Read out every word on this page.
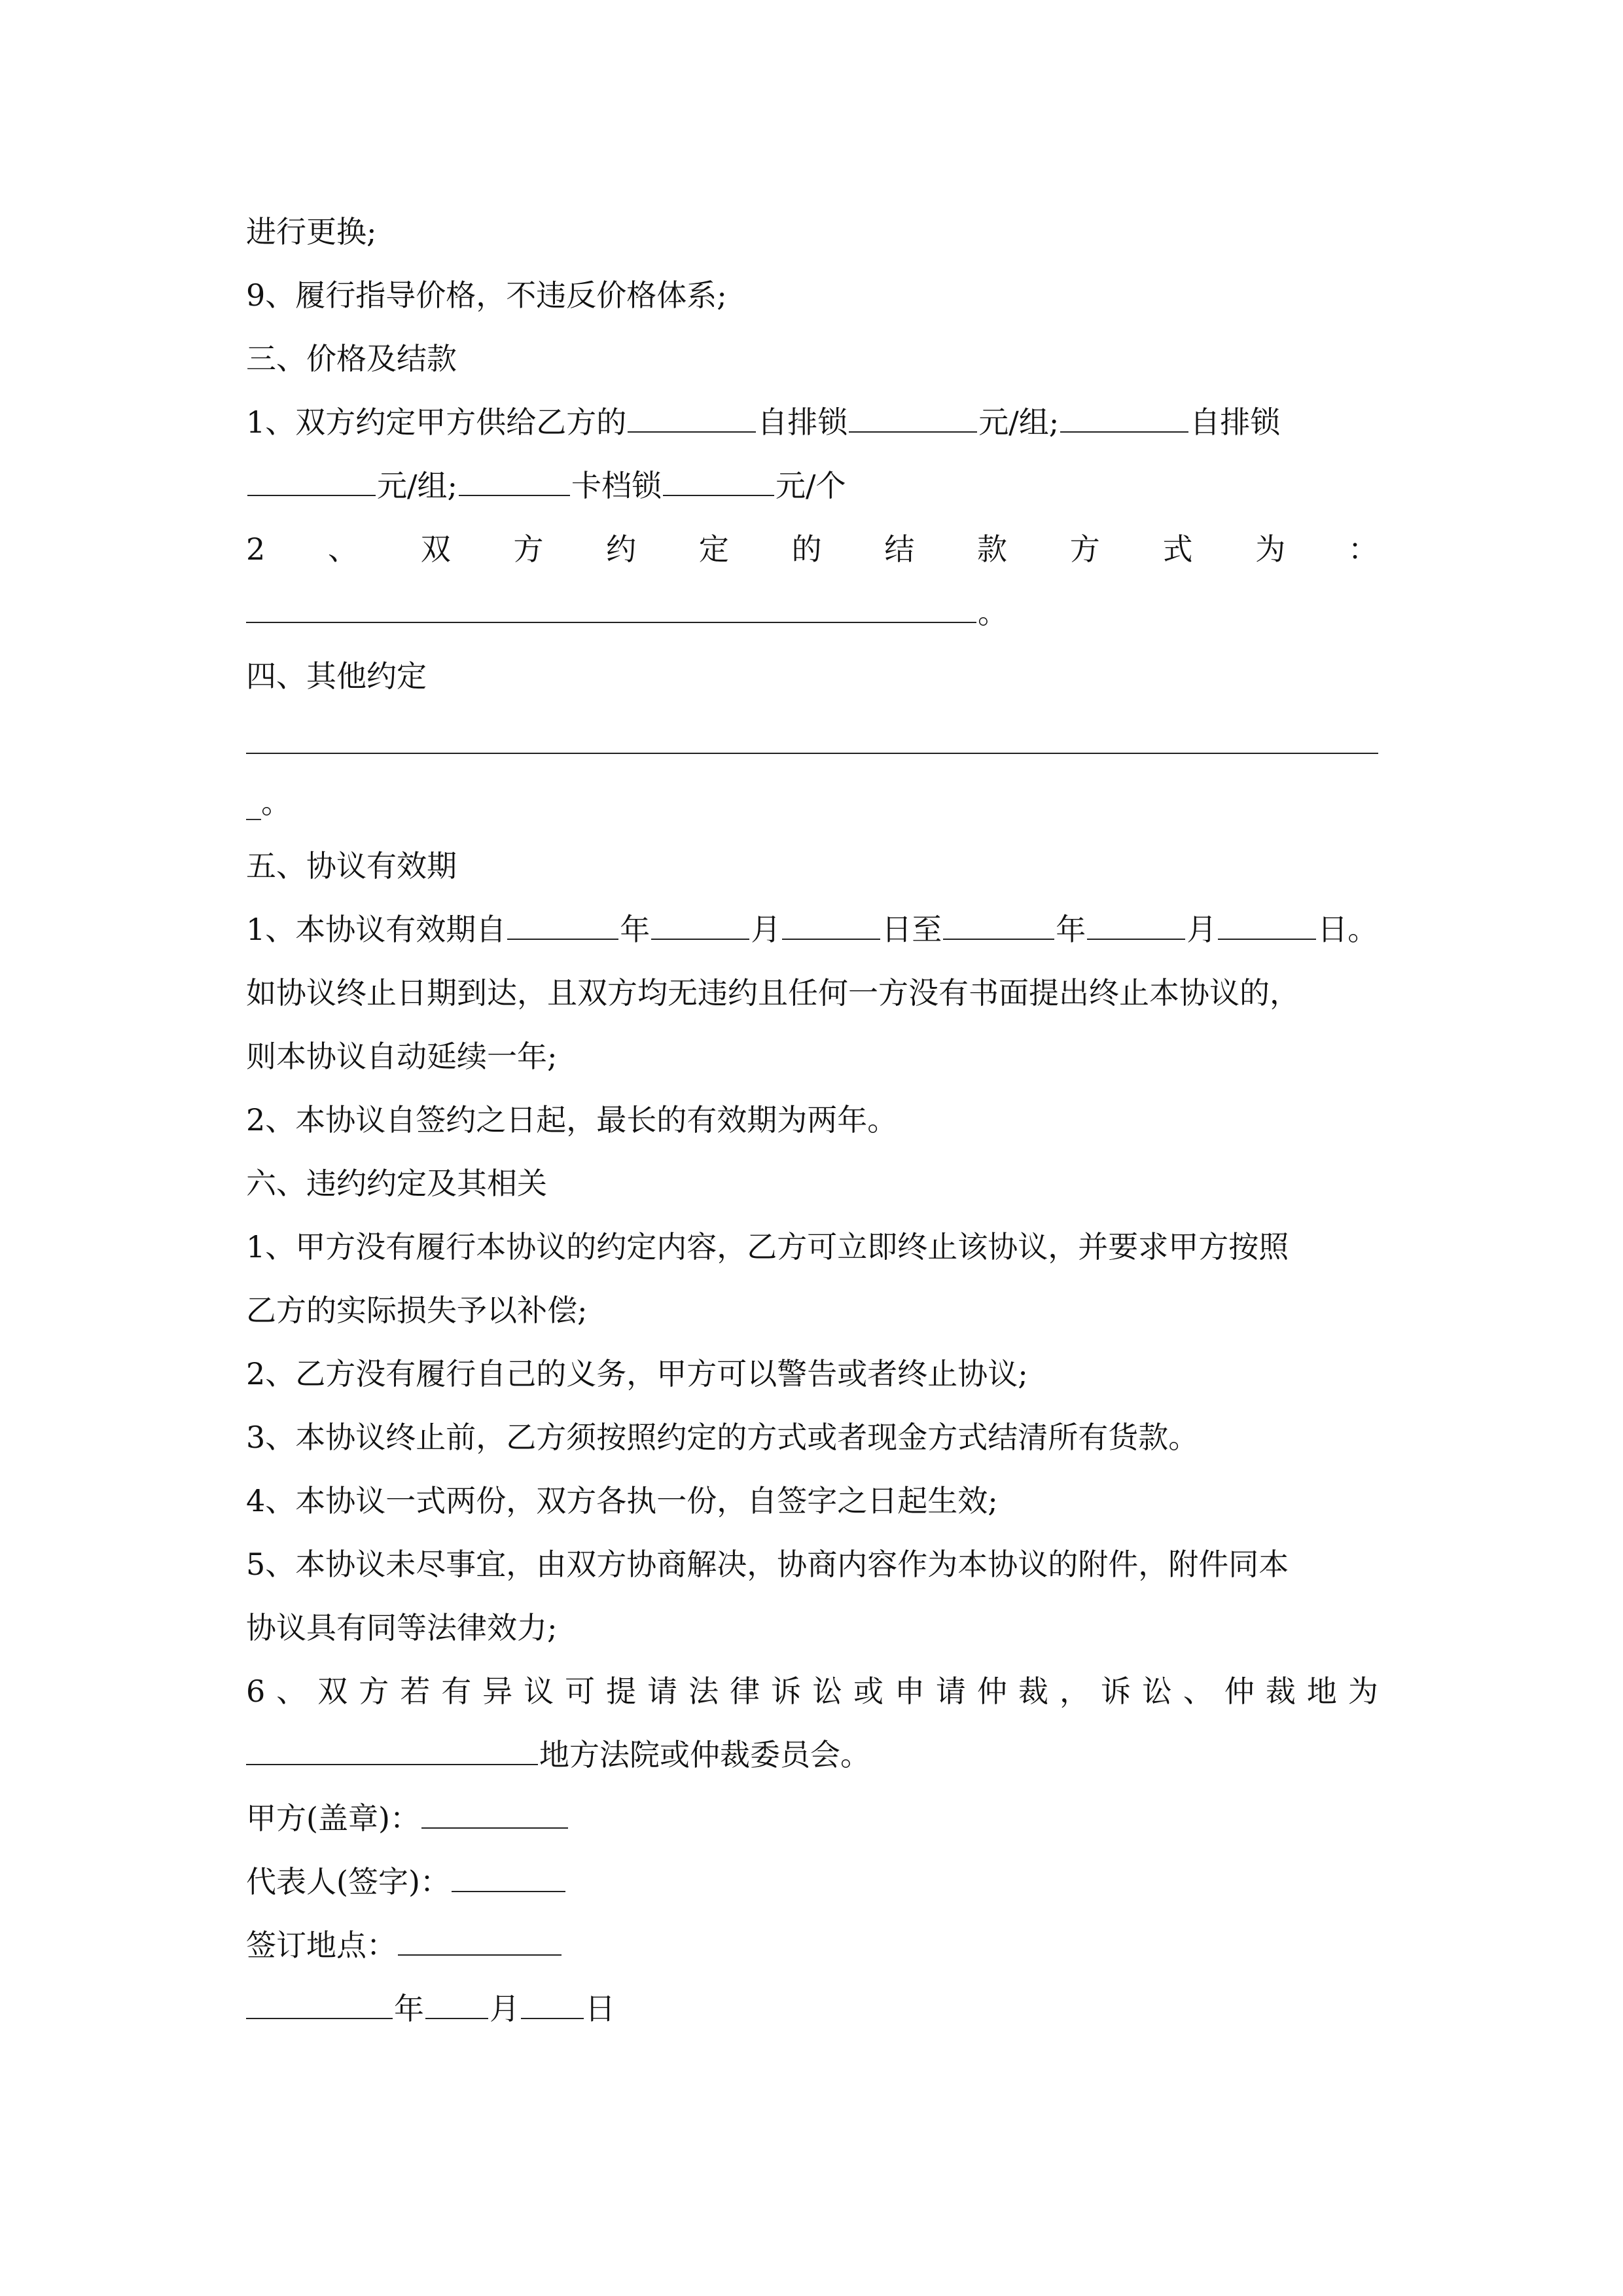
进行更换;
9、履行指导价格，不违反价格体系;
三、价格及结款
1、双方约定甲方供给乙方的	自排锁	元/组;	自排锁
元/组;	卡档锁	元/个
2 、 双 方 约 定 的 结 款 方 式 为 ：
。
四、其他约定
_。
五、协议有效期
1、本协议有效期自	年	月	日至	年	月	日。
如协议终止日期到达，且双方均无违约且任何一方没有书面提出终止本协议的，
则本协议自动延续一年;
2、本协议自签约之日起，最长的有效期为两年。
六、违约约定及其相关
1、甲方没有履行本协议的约定内容，乙方可立即终止该协议，并要求甲方按照
乙方的实际损失予以补偿;
2、乙方没有履行自己的义务，甲方可以警告或者终止协议;
3、本协议终止前，乙方须按照约定的方式或者现金方式结清所有货款。
4、本协议一式两份，双方各执一份，自签字之日起生效;
5、本协议未尽事宜，由双方协商解决，协商内容作为本协议的附件，附件同本
协议具有同等法律效力;
6 、 双 方 若 有 异 议 可 提 请 法 律 诉 讼 或 申 请 仲 裁 ， 诉 讼 、 仲 裁 地 为
地方法院或仲裁委员会。
甲方(盖章)：
代表人(签字)：
签订地点：
年 月 日
